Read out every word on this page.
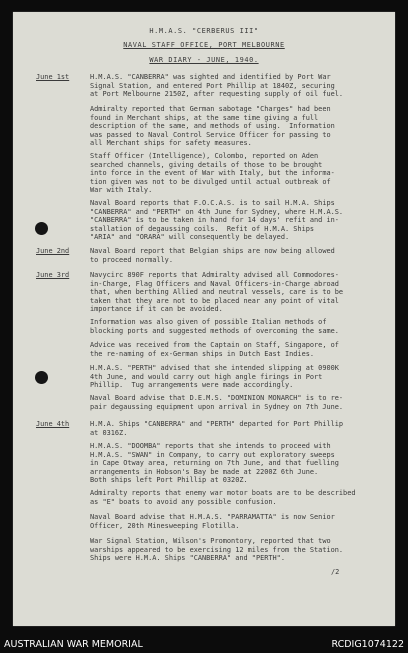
H.M.A.S. "CERBERUS III"
NAVAL STAFF OFFICE, PORT MELBOURNE
WAR DIARY - JUNE, 1940.
June 1st	H.M.A.S. "CANBERRA" was sighted and identified by Port War
Signal Station, and entered Port Phillip at 1840Z, securing
at Port Melbourne 2150Z, after requesting supply of oil fuel.
Admiralty reported that German sabotage "Charges" had been
found in Merchant ships, at the same time giving a full
description of the same, and methods of using.  Information
was passed to Naval Control Service Officer for passing to
all Merchant ships for safety measures.
Staff Officer (Intelligence), Colombo, reported on Aden
searched channels, giving details of those to be brought
into force in the event of War with Italy, but the informa-
tion given was not to be divulged until actual outbreak of
War with Italy.
Naval Board reports that F.O.C.A.S. is to sail H.M.A. Ships
"CANBERRA" and "PERTH" on 4th June for Sydney, where H.M.A.S.
"CANBERRA" is to be taken in hand for 14 days' refit and in-
stallation of degaussing coils.  Refit of H.M.A. Ships
"ARIA" and "ORARA" will consequently be delayed.
June 2nd	Naval Board report that Belgian ships are now being allowed
to proceed normally.
June 3rd	Navycirc 890F reports that Admiralty advised all Commodores-
in-Charge, Flag Officers and Naval Officers-in-Charge abroad
that, when berthing Allied and neutral vessels, care is to be
taken that they are not to be placed near any point of vital
importance if it can be avoided.
Information was also given of possible Italian methods of
blocking ports and suggested methods of overcoming the same.
Advice was received from the Captain on Staff, Singapore, of
the re-naming of ex-German ships in Dutch East Indies.
H.M.A.S. "PERTH" advised that she intended slipping at 0900K
4th June, and would carry out high angle firings in Port
Phillip.  Tug arrangements were made accordingly.
Naval Board advise that D.E.M.S. "DOMINION MONARCH" is to re-
pair degaussing equipment upon arrival in Sydney on 7th June.
June 4th	H.M.A. Ships "CANBERRA" and "PERTH" departed for Port Phillip
at 0316Z.
H.M.A.S. "DOOMBA" reports that she intends to proceed with
H.M.A.S. "SWAN" in Company, to carry out exploratory sweeps
in Cape Otway area, returning on 7th June, and that fuelling
arrangements in Hobson's Bay be made at 2200Z 6th June.
Both ships left Port Phillip at 0320Z.
Admiralty reports that enemy war motor boats are to be described
as "E" boats to avoid any possible confusion.
Naval Board advise that H.M.A.S. "PARRAMATTA" is now Senior
Officer, 20th Minesweeping Flotilla.
War Signal Station, Wilson's Promontory, reported that two
warships appeared to be exercising 12 miles from the Station.
Ships were H.M.A. Ships "CANBERRA" and "PERTH".
/2
AUSTRALIAN WAR MEMORIAL	RCDIG1074122
